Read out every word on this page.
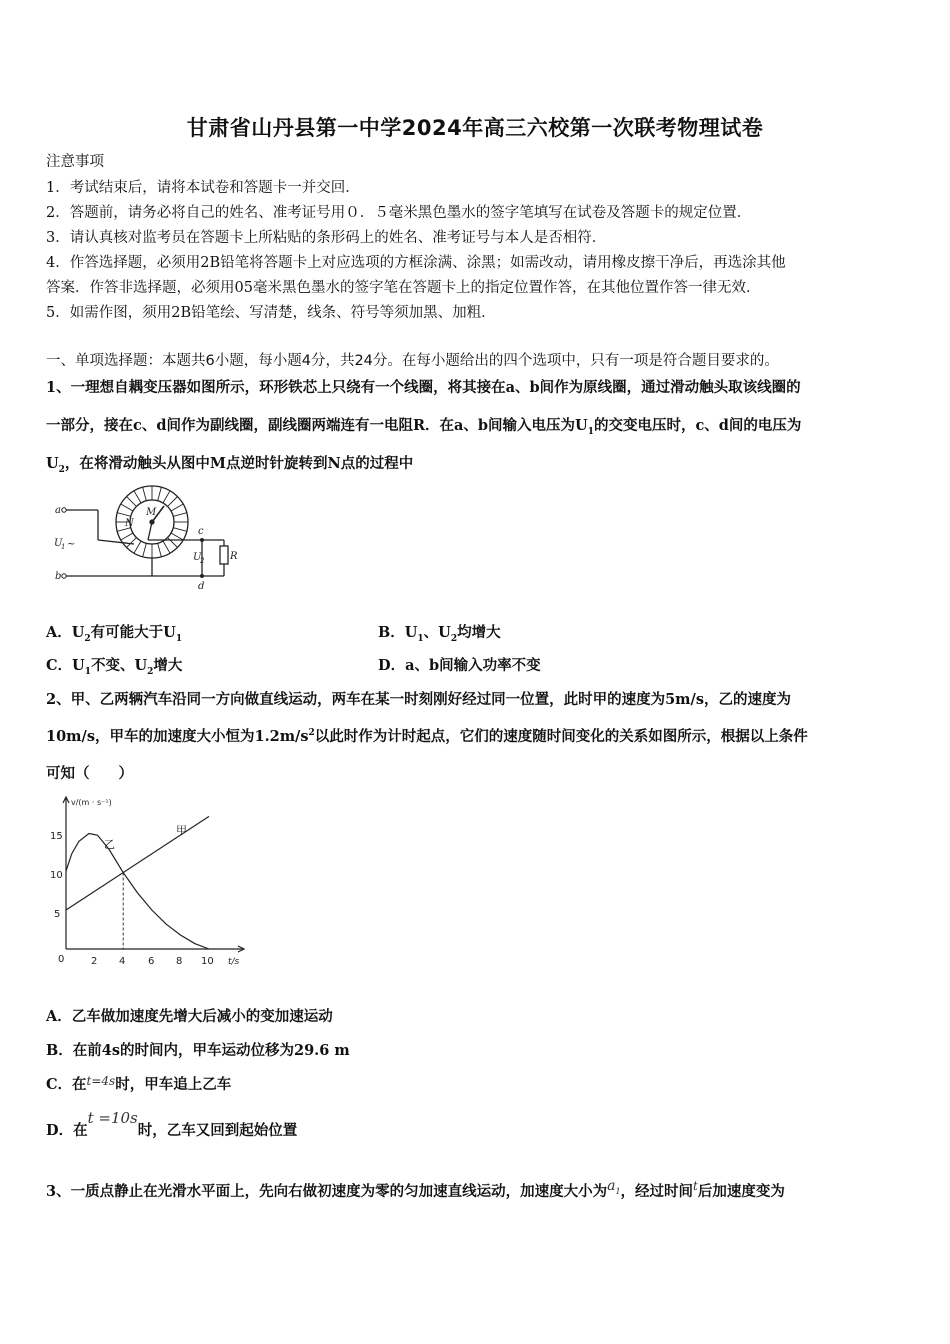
甘肃省山丹县第一中学2024年高三六校第一次联考物理试卷
注意事项
1．考试结束后，请将本试卷和答题卡一并交回．
2．答题前，请务必将自己的姓名、准考证号用０．５毫米黑色墨水的签字笔填写在试卷及答题卡的规定位置．
3．请认真核对监考员在答题卡上所粘贴的条形码上的姓名、准考证号与本人是否相符．
4．作答选择题，必须用2B铅笔将答题卡上对应选项的方框涂满、涂黑；如需改动，请用橡皮擦干净后，再选涂其他
答案．作答非选择题，必须用05毫米黑色墨水的签字笔在答题卡上的指定位置作答，在其他位置作答一律无效．
5．如需作图，须用2B铅笔绘、写清楚，线条、符号等须加黑、加粗．
一、单项选择题：本题共6小题，每小题4分，共24分。在每小题给出的四个选项中，只有一项是符合题目要求的。
1、一理想自耦变压器如图所示，环形铁芯上只绕有一个线圈，将其接在a、b间作为原线圈，通过滑动触头取该线圈的
一部分，接在c、d间作为副线圈，副线圈两端连有一电阻R．在a、b间输入电压为$U_1$的交变电压时，c、d间的电压为
$U_2$，在将滑动触头从图中M点逆时针旋转到N点的过程中
a
b
c
d
M
N
U
1 ~
U
2	R
A．$U_2$有可能大于$U_1$	B．$U_1$、$U_2$均增大
C．$U_1$不变、$U_2$增大	D．a、b间输入功率不变
2、甲、乙两辆汽车沿同一方向做直线运动，两车在某一时刻刚好经过同一位置，此时甲的速度为5m/s，乙的速度为
10m/s，甲车的加速度大小恒为$1.2m/s^2$以此时作为计时起点，它们的速度随时间变化的关系如图所示，根据以上条件
可知（　　）
v/(m · s⁻¹)
t/s
15
10
5
0	2 4 6 8 10
甲
乙
A．乙车做加速度先增大后减小的变加速运动
B．在前4s的时间内，甲车运动位移为29.6 m
C．在$^{t=4s}$时，甲车追上乙车
D．在t =10s时，乙车又回到起始位置
3、一质点静止在光滑水平面上，先向右做初速度为零的匀加速直线运动，加速度大小为$a_1$，经过时间$^t$后加速度变为
